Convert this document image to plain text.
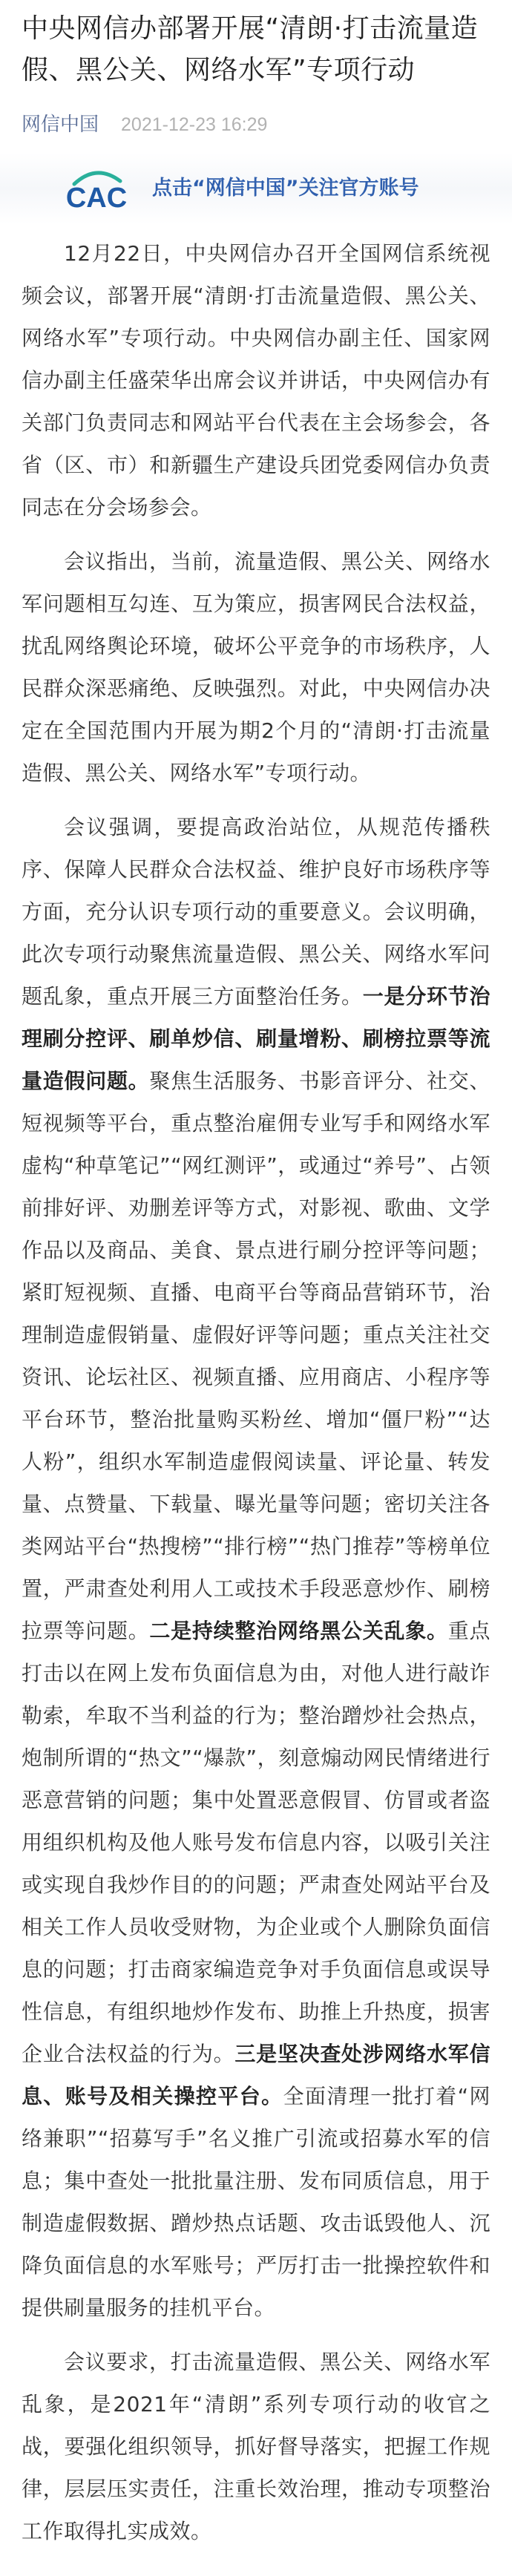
中央网信办部署开展“清朗·打击流量造假、黑公关、网络水军”专项行动
网信中国 2021-12-23 16:29
CAC 点击“网信中国”关注官方账号

12月22日，中央网信办召开全国网信系统视频会议，部署开展“清朗·打击流量造假、黑公关、网络水军”专项行动。中央网信办副主任、国家网信办副主任盛荣华出席会议并讲话，中央网信办有关部门负责同志和网站平台代表在主会场参会，各省（区、市）和新疆生产建设兵团党委网信办负责同志在分会场参会。

会议指出，当前，流量造假、黑公关、网络水军问题相互勾连、互为策应，损害网民合法权益，扰乱网络舆论环境，破坏公平竞争的市场秩序，人民群众深恶痛绝、反映强烈。对此，中央网信办决定在全国范围内开展为期2个月的“清朗·打击流量造假、黑公关、网络水军”专项行动。

会议强调，要提高政治站位，从规范传播秩序、保障人民群众合法权益、维护良好市场秩序等方面，充分认识专项行动的重要意义。会议明确，此次专项行动聚焦流量造假、黑公关、网络水军问题乱象，重点开展三方面整治任务。一是分环节治理刷分控评、刷单炒信、刷量增粉、刷榜拉票等流量造假问题。聚焦生活服务、书影音评分、社交、短视频等平台，重点整治雇佣专业写手和网络水军虚构“种草笔记”“网红测评”，或通过“养号”、占领前排好评、劝删差评等方式，对影视、歌曲、文学作品以及商品、美食、景点进行刷分控评等问题；紧盯短视频、直播、电商平台等商品营销环节，治理制造虚假销量、虚假好评等问题；重点关注社交资讯、论坛社区、视频直播、应用商店、小程序等平台环节，整治批量购买粉丝、增加“僵尸粉”“达人粉”，组织水军制造虚假阅读量、评论量、转发量、点赞量、下载量、曝光量等问题；密切关注各类网站平台“热搜榜”“排行榜”“热门推荐”等榜单位置，严肃查处利用人工或技术手段恶意炒作、刷榜拉票等问题。二是持续整治网络黑公关乱象。重点打击以在网上发布负面信息为由，对他人进行敲诈勒索，牟取不当利益的行为；整治蹭炒社会热点，炮制所谓的“热文”“爆款”，刻意煽动网民情绪进行恶意营销的问题；集中处置恶意假冒、仿冒或者盗用组织机构及他人账号发布信息内容，以吸引关注或实现自我炒作目的的问题；严肃查处网站平台及相关工作人员收受财物，为企业或个人删除负面信息的问题；打击商家编造竞争对手负面信息或误导性信息，有组织地炒作发布、助推上升热度，损害企业合法权益的行为。三是坚决查处涉网络水军信息、账号及相关操控平台。全面清理一批打着“网络兼职”“招募写手”名义推广引流或招募水军的信息；集中查处一批批量注册、发布同质信息，用于制造虚假数据、蹭炒热点话题、攻击诋毁他人、沉降负面信息的水军账号；严厉打击一批操控软件和提供刷量服务的挂机平台。

会议要求，打击流量造假、黑公关、网络水军乱象，是2021年“清朗”系列专项行动的收官之战，要强化组织领导，抓好督导落实，把握工作规律，层层压实责任，注重长效治理，推动专项整治工作取得扎实成效。
